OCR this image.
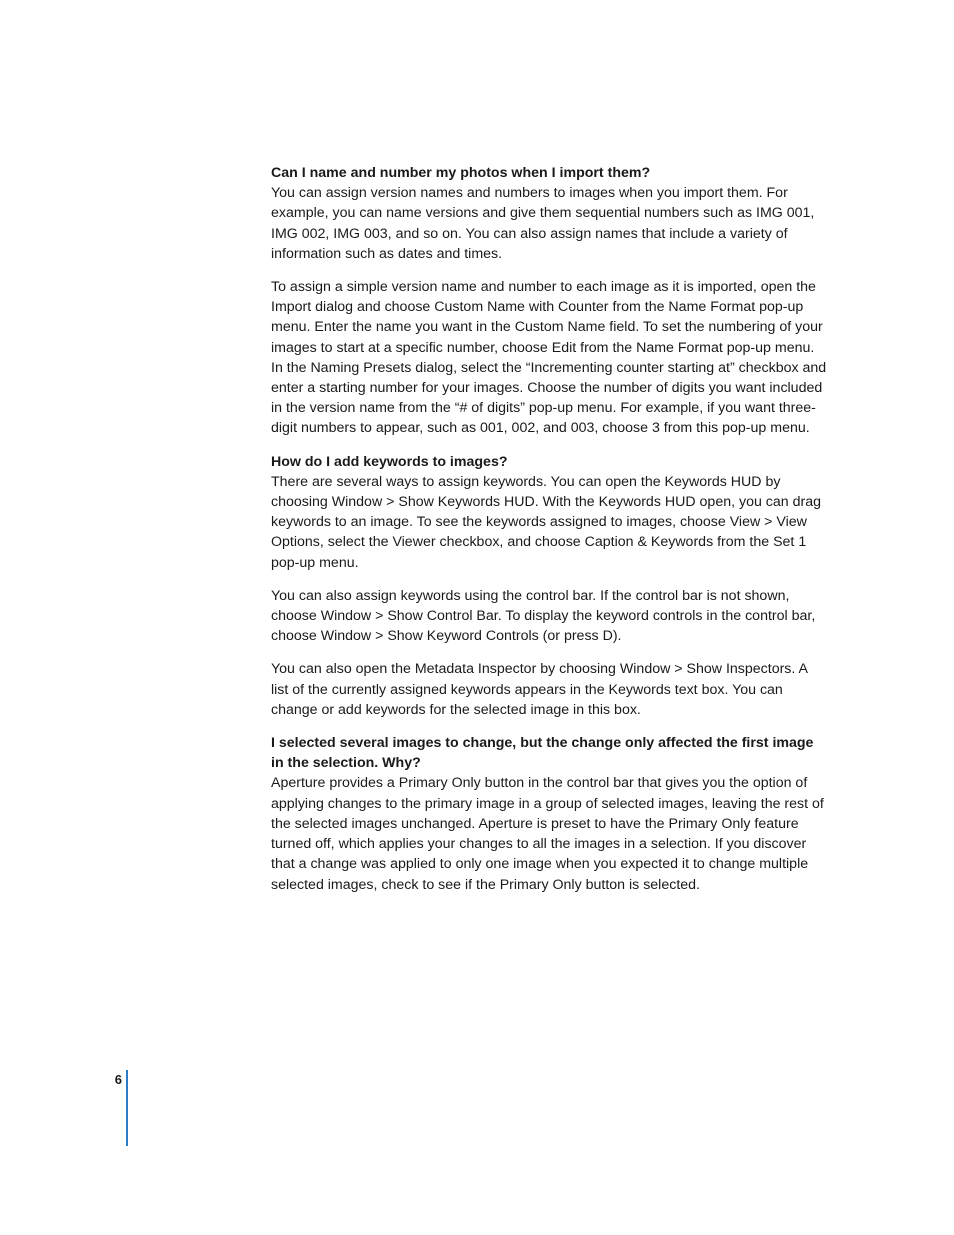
Can I name and number my photos when I import them?

You can assign version names and numbers to images when you import them. For example, you can name versions and give them sequential numbers such as IMG 001, IMG 002, IMG 003, and so on. You can also assign names that include a variety of information such as dates and times.

To assign a simple version name and number to each image as it is imported, open the Import dialog and choose Custom Name with Counter from the Name Format pop-up menu. Enter the name you want in the Custom Name field. To set the numbering of your images to start at a specific number, choose Edit from the Name Format pop-up menu. In the Naming Presets dialog, select the “Incrementing counter starting at” checkbox and enter a starting number for your images. Choose the number of digits you want included in the version name from the “# of digits” pop-up menu. For example, if you want three-digit numbers to appear, such as 001, 002, and 003, choose 3 from this pop-up menu.

How do I add keywords to images?

There are several ways to assign keywords. You can open the Keywords HUD by choosing Window > Show Keywords HUD. With the Keywords HUD open, you can drag keywords to an image. To see the keywords assigned to images, choose View > View Options, select the Viewer checkbox, and choose Caption & Keywords from the Set 1 pop-up menu.

You can also assign keywords using the control bar. If the control bar is not shown, choose Window > Show Control Bar. To display the keyword controls in the control bar, choose Window > Show Keyword Controls (or press D).

You can also open the Metadata Inspector by choosing Window > Show Inspectors. A list of the currently assigned keywords appears in the Keywords text box. You can change or add keywords for the selected image in this box.

I selected several images to change, but the change only affected the first image in the selection. Why?

Aperture provides a Primary Only button in the control bar that gives you the option of applying changes to the primary image in a group of selected images, leaving the rest of the selected images unchanged. Aperture is preset to have the Primary Only feature turned off, which applies your changes to all the images in a selection. If you discover that a change was applied to only one image when you expected it to change multiple selected images, check to see if the Primary Only button is selected.

6
